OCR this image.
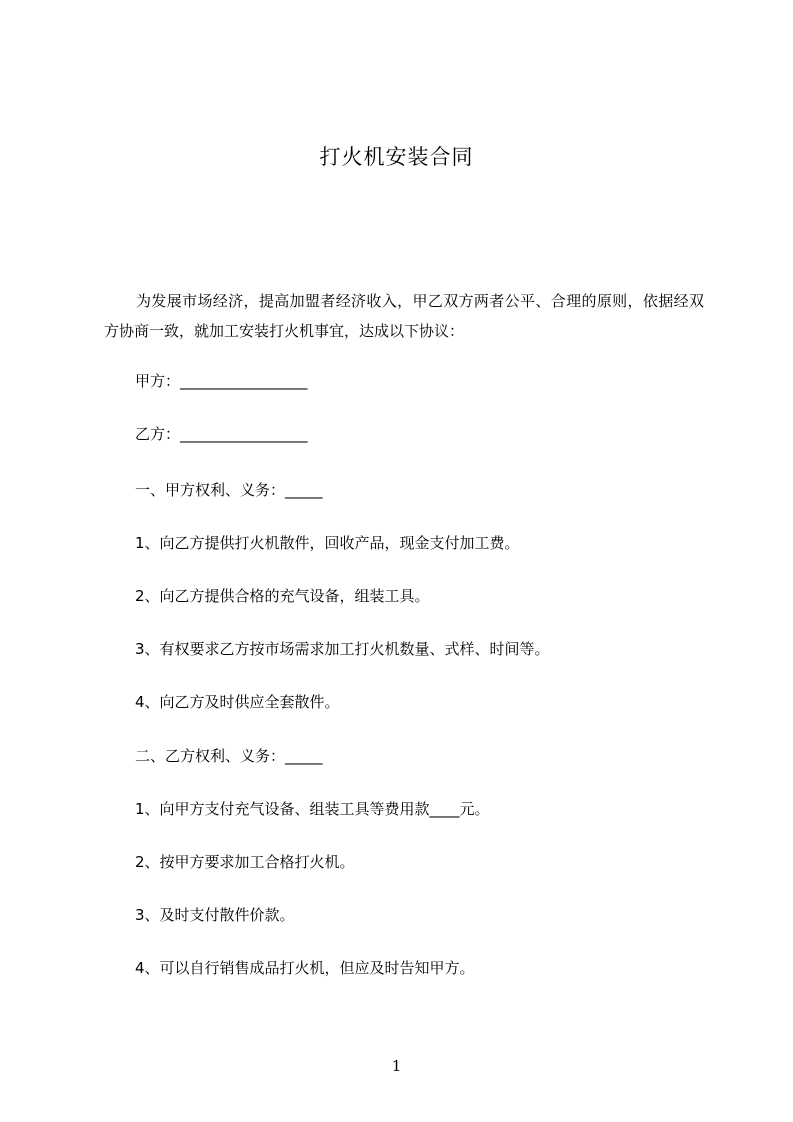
打火机安装合同

为发展市场经济，提高加盟者经济收入，甲乙双方两者公平、合理的原则，依据经双方协商一致，就加工安装打火机事宜，达成以下协议：

甲方：_________________
乙方：_________________
一、甲方权利、义务：_____
1、向乙方提供打火机散件，回收产品，现金支付加工费。
2、向乙方提供合格的充气设备，组装工具。
3、有权要求乙方按市场需求加工打火机数量、式样、时间等。
4、向乙方及时供应全套散件。
二、乙方权利、义务：_____
1、向甲方支付充气设备、组装工具等费用款____元。
2、按甲方要求加工合格打火机。
3、及时支付散件价款。
4、可以自行销售成品打火机，但应及时告知甲方。
1
